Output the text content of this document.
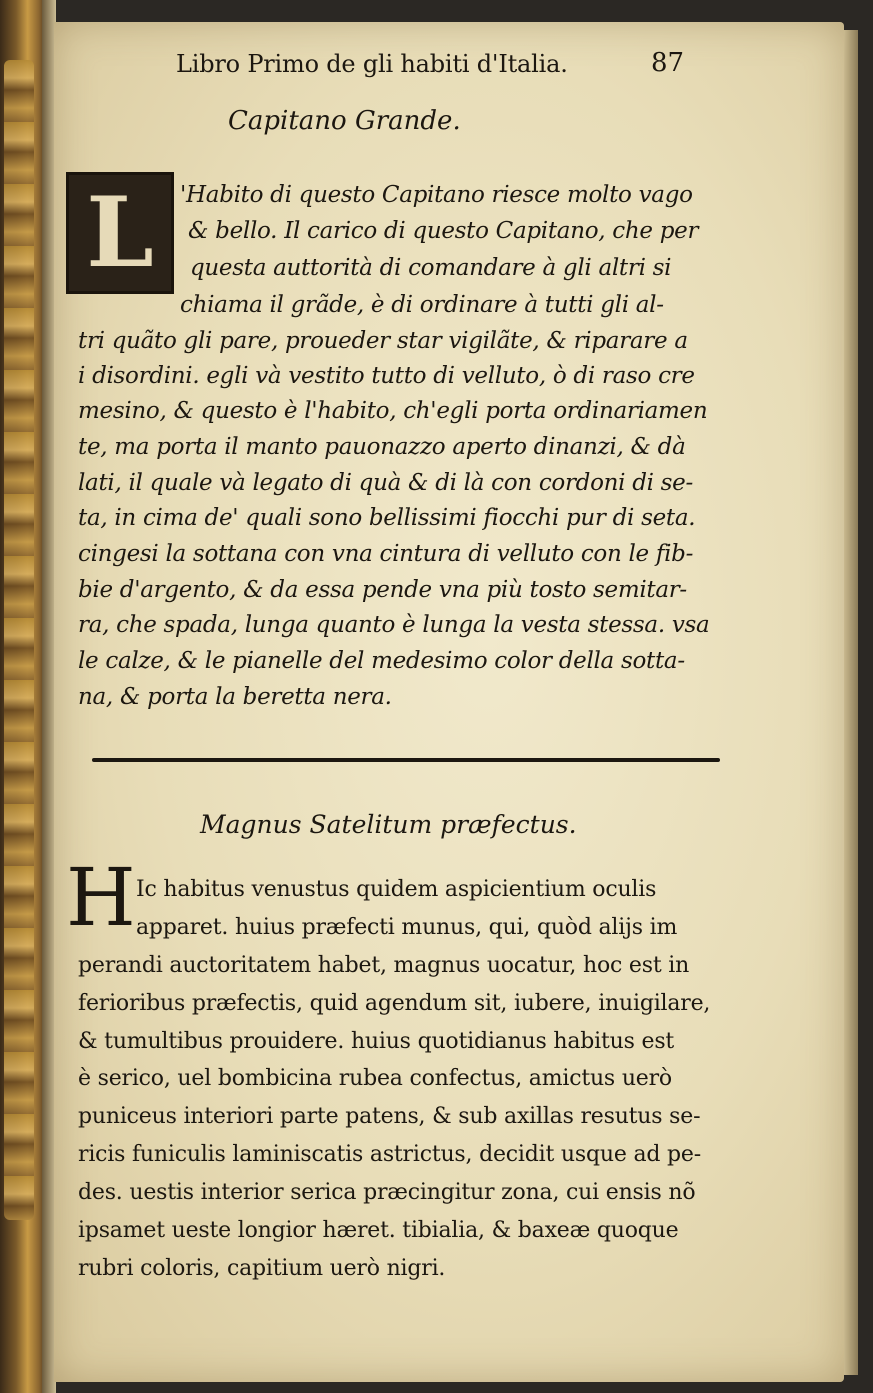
Libro Primo de gli habiti d'Italia.	87

Capitano Grande.

L 'Habito di questo Capitano riesce molto vago

& bello. Il carico di questo Capitano, che per

questa auttorità di comandare à gli altri si

chiama il grãde, è di ordinare à tutti gli al-

tri quãto gli pare, proueder star vigilãte, & riparare a

i disordini. egli và vestito tutto di velluto, ò di raso cre

mesino, & questo è l'habito, ch'egli porta ordinariamen

te, ma porta il manto pauonazzo aperto dinanzi, & dà

lati, il quale và legato di quà & di là con cordoni di se-

ta, in cima de' quali sono bellissimi fiocchi pur di seta.

cingesi la sottana con vna cintura di velluto con le fib-

bie d'argento, & da essa pende vna più tosto semitar-

ra, che spada, lunga quanto è lunga la vesta stessa. vsa

le calze, & le pianelle del medesimo color della sotta-

na, & porta la beretta nera.

Magnus Satelitum præfectus.

H Ic habitus venustus quidem aspicientium oculis

apparet. huius præfecti munus, qui, quòd alijs im

perandi auctoritatem habet, magnus uocatur, hoc est in

ferioribus præfectis, quid agendum sit, iubere, inuigilare,

& tumultibus prouidere. huius quotidianus habitus est

è serico, uel bombicina rubea confectus, amictus uerò

puniceus interiori parte patens, & sub axillas resutus se-

ricis funiculis laminiscatis astrictus, decidit usque ad pe-

des. uestis interior serica præcingitur zona, cui ensis nõ

ipsamet ueste longior hæret. tibialia, & baxeæ quoque

rubri coloris, capitium uerò nigri.
